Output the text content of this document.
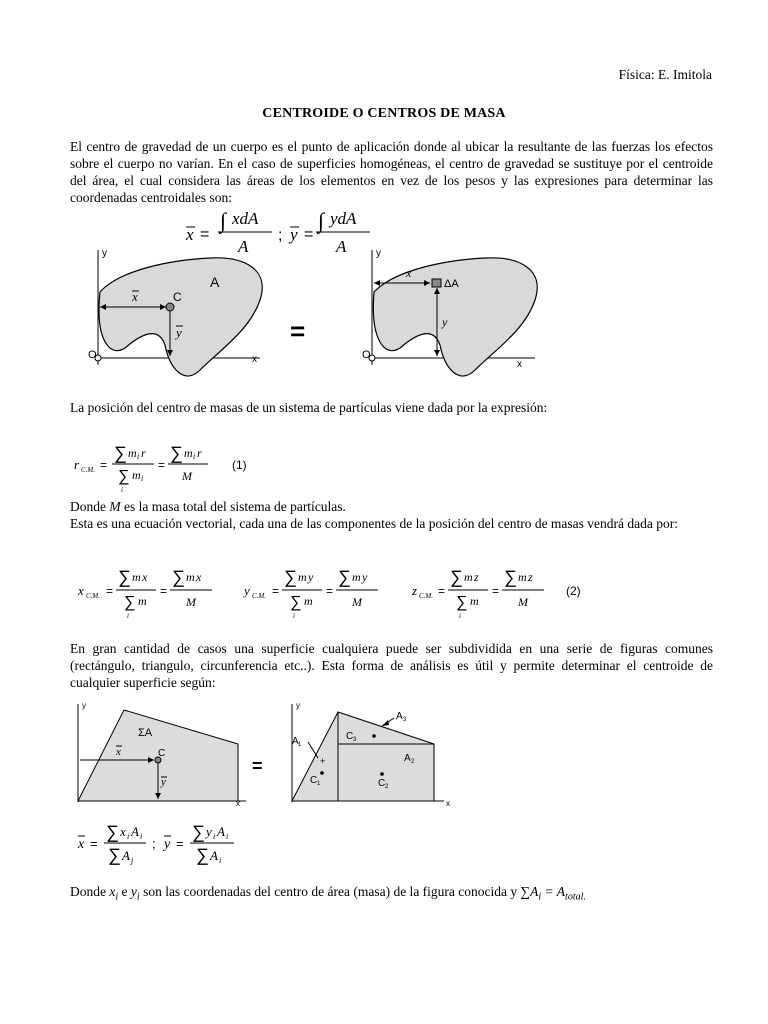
Física: E. Imitola
CENTROIDE O CENTROS DE MASA
El centro de gravedad de un cuerpo es el punto de aplicación donde al ubicar la resultante de las fuerzas los efectos sobre el cuerpo no varían. En el caso de superficies homogéneas, el centro de gravedad se sustituye por el centroide del área, el cual considera las áreas de los elementos en vez de los pesos y las expresiones para determinar las coordenadas centroidales son:
x =
∫ xdA
A
; y =
∫ ydA
A
y
x
O
A
C
x
y	=
y
x
O
ΔA
x
y
La posición del centro de masas de un sistema de partículas viene dada por la expresión:
r C.M. =
∑ m i r
∑ m i
i
=
∑ m i r
M
(1)
Donde M es la masa total del sistema de partículas.
Esta es una ecuación vectorial, cada una de las componentes de la posición del centro de masas vendrá dada por:
x C.M. =
∑ m x
∑ m
i
=
∑ m x
M
y C.M. =
∑ m y
∑ m
i
=
∑ m y
M
z C.M. =
∑ m z
∑ m
i
=
∑ m z
M
(2)
En gran cantidad de casos una superficie cualquiera puede ser subdividida en una serie de figuras comunes (rectángulo, triangulo, circunferencia etc..). Esta forma de análisis es útil y permite determinar el centroide de cualquier superficie según:
y
x
ΣA
C
x
y
=
y
x
A 1
A 3
A 2
C 3
+
C 1	C 2
x =
∑ x i A i
∑ A j
; y =
∑ y i A i
∑ A i
Donde $x_i$ e $y_i$ son las coordenadas del centro de área (masa) de la figura conocida y $\sum A_i = A_{total.}$
